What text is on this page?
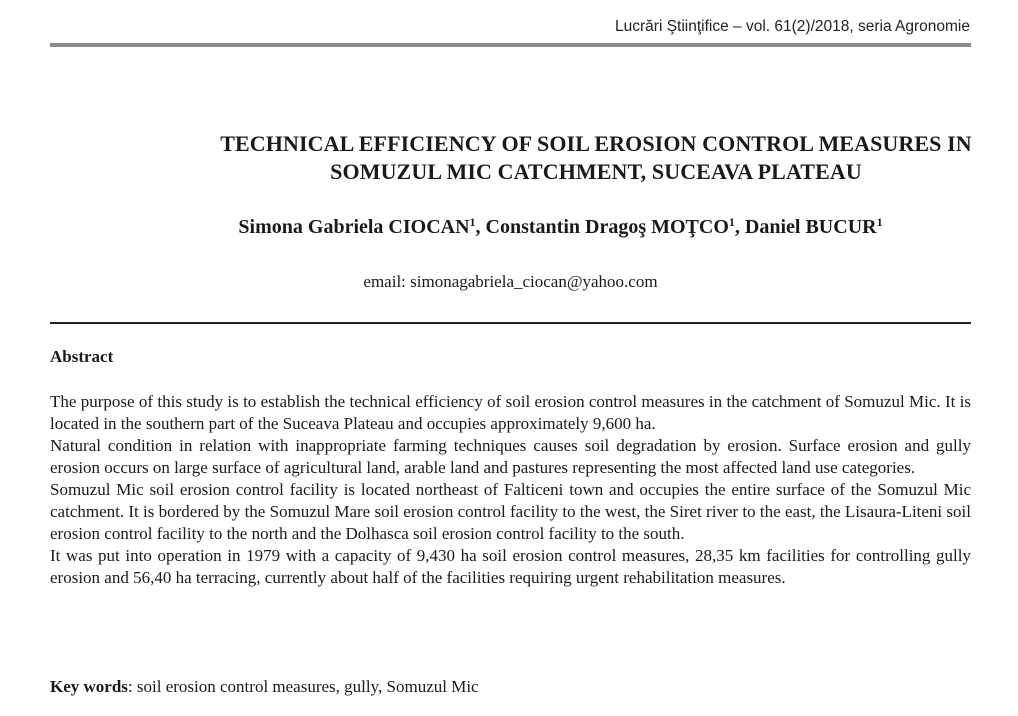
Lucrări Ştiinţifice – vol. 61(2)/2018, seria Agronomie
TECHNICAL EFFICIENCY OF SOIL EROSION CONTROL MEASURES IN
SOMUZUL MIC CATCHMENT, SUCEAVA PLATEAU
Simona Gabriela CIOCAN$^1$, Constantin Dragoş MOŢCO$^1$, Daniel BUCUR$^1$
email: simonagabriela_ciocan@yahoo.com
Abstract

The purpose of this study is to establish the technical efficiency of soil erosion control measures in the catchment of Somuzul Mic. It is located in the southern part of the Suceava Plateau and occupies approximately 9,600 ha.

Natural condition in relation with inappropriate farming techniques causes soil degradation by erosion. Surface erosion and gully erosion occurs on large surface of agricultural land, arable land and pastures representing the most affected land use categories.

Somuzul Mic soil erosion control facility is located northeast of Falticeni town and occupies the entire surface of the Somuzul Mic catchment. It is bordered by the Somuzul Mare soil erosion control facility to the west, the Siret river to the east, the Lisaura-Liteni soil erosion control facility to the north and the Dolhasca soil erosion control facility to the south.

It was put into operation in 1979 with a capacity of 9,430 ha soil erosion control measures, 28,35 km facilities for controlling gully erosion and 56,40 ha terracing, currently about half of the facilities requiring urgent rehabilitation measures.

Key words: soil erosion control measures, gully, Somuzul Mic
